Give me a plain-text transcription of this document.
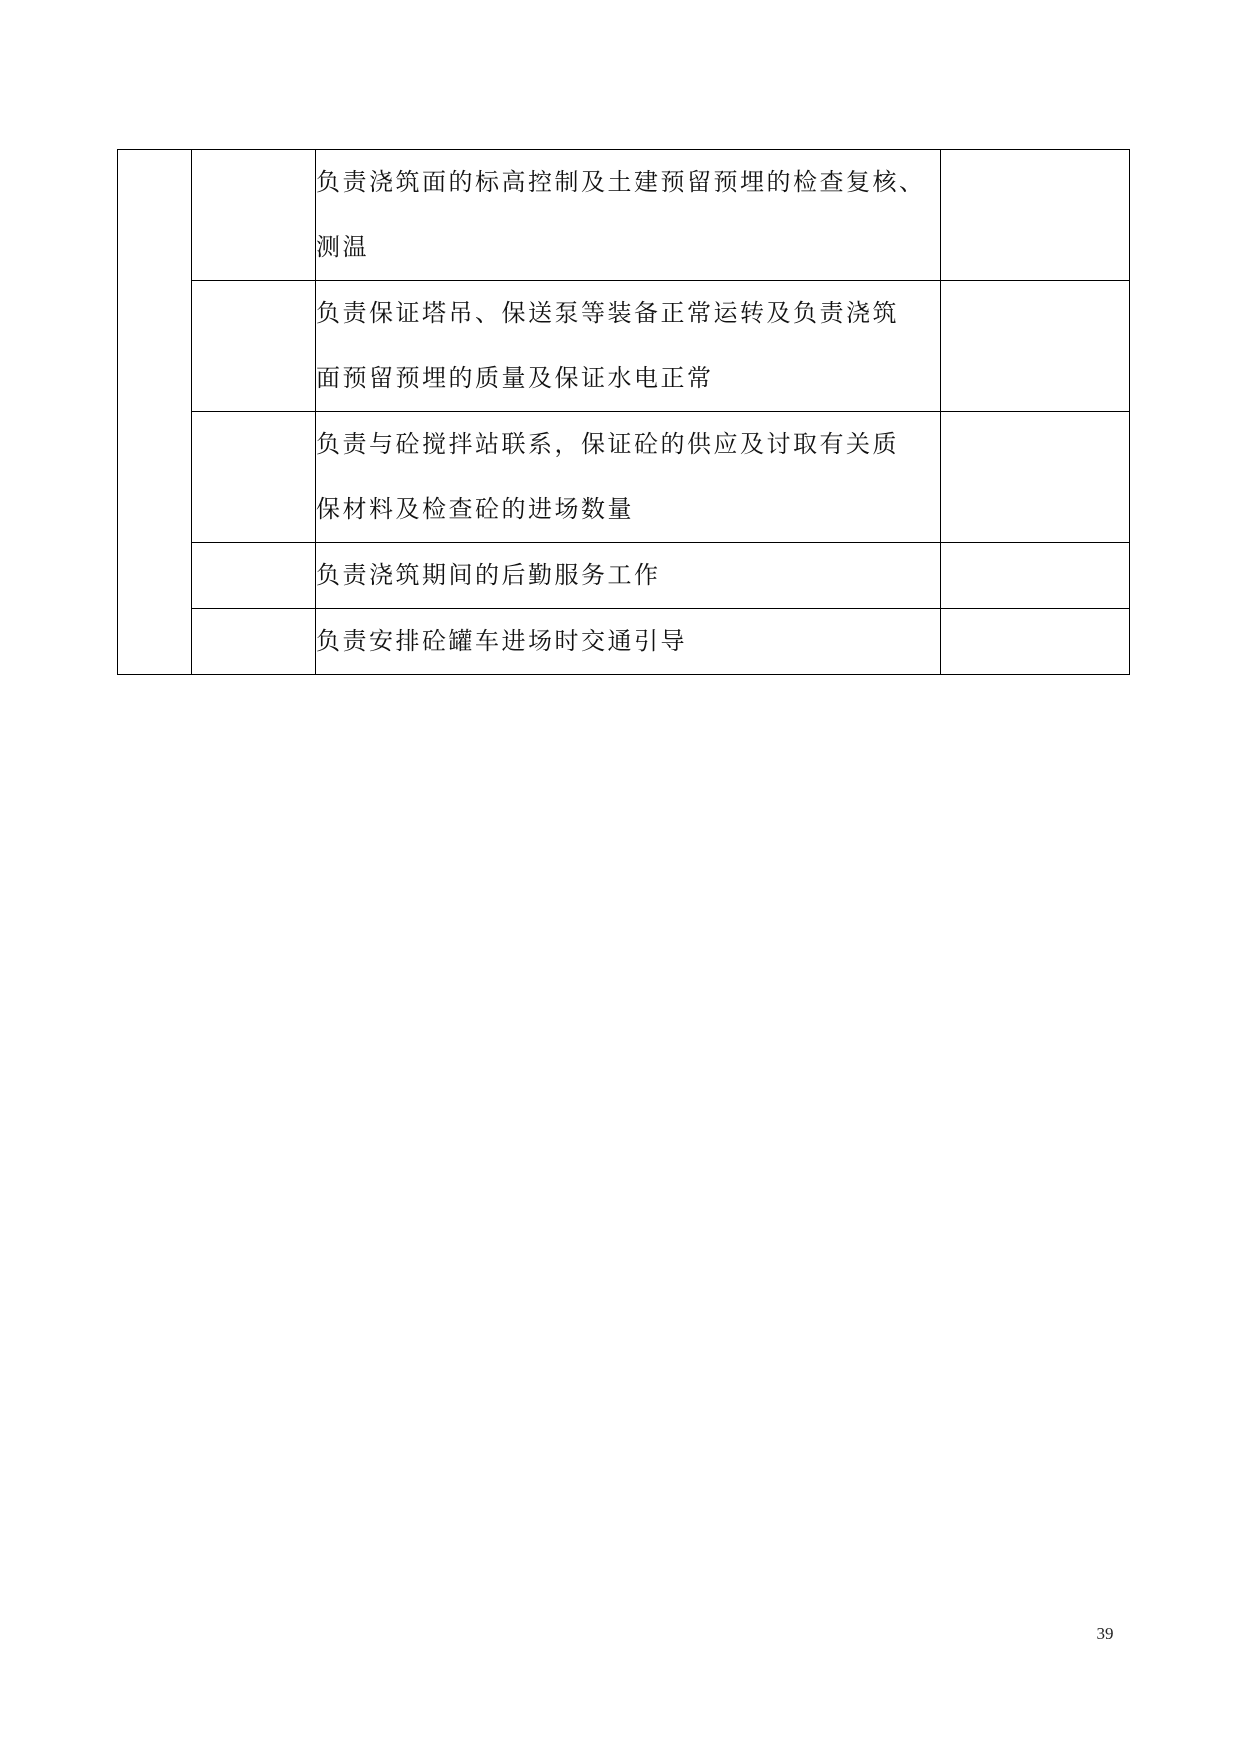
		负责浇筑面的标高控制及土建预留预埋的检查复核、
测温	
		负责保证塔吊、保送泵等装备正常运转及负责浇筑
面预留预埋的质量及保证水电正常	
		负责与砼搅拌站联系，保证砼的供应及讨取有关质
保材料及检查砼的进场数量	
		负责浇筑期间的后勤服务工作	
		负责安排砼罐车进场时交通引导	
39
